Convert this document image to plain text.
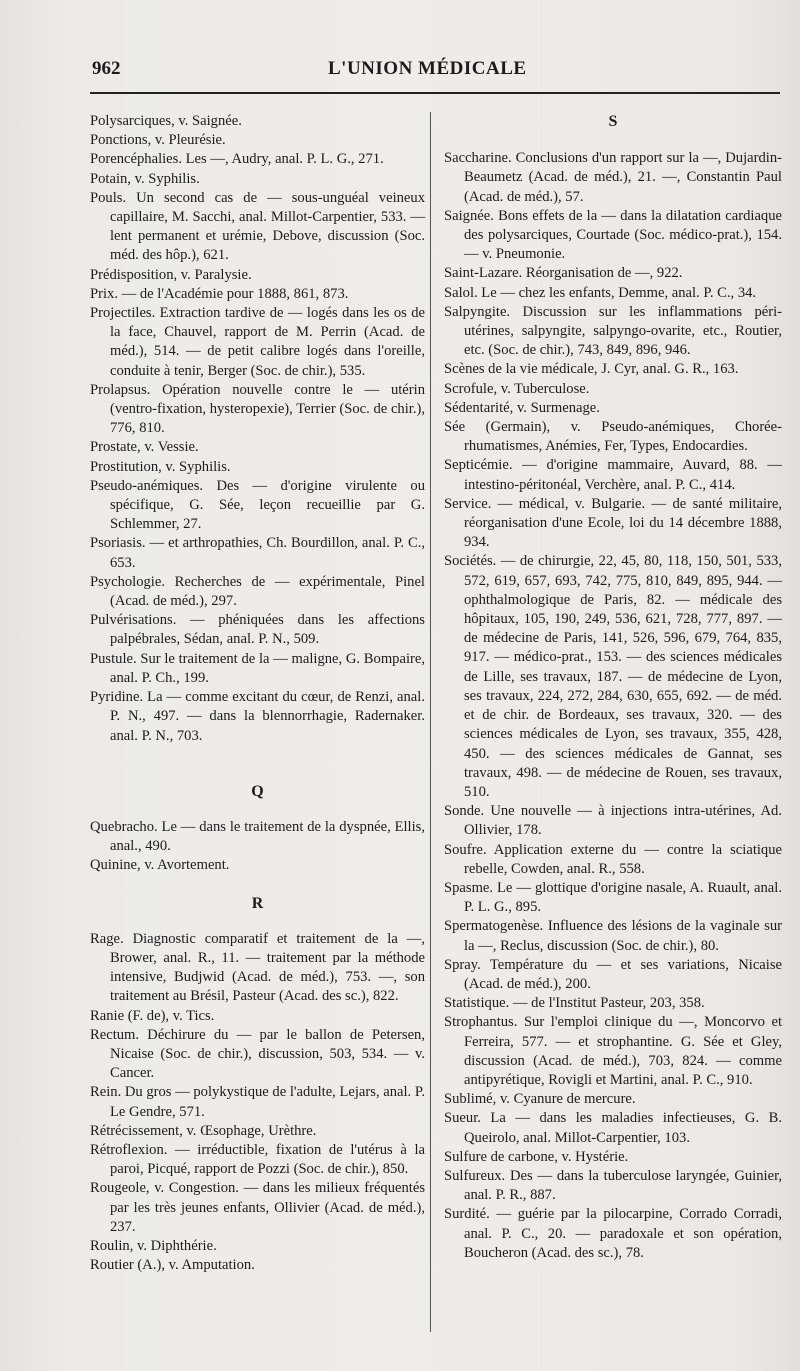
962	L'UNION MÉDICALE

Polysarciques, v. Saignée.

Ponctions, v. Pleurésie.

Porencéphalies. Les —, Audry, anal. P. L. G., 271.

Potain, v. Syphilis.

Pouls. Un second cas de — sous-unguéal veineux capillaire, M. Sacchi, anal. Millot-Carpentier, 533. — lent permanent et urémie, Debove, discussion (Soc. méd. des hôp.), 621.

Prédisposition, v. Paralysie.

Prix. — de l'Académie pour 1888, 861, 873.

Projectiles. Extraction tardive de — logés dans les os de la face, Chauvel, rapport de M. Perrin (Acad. de méd.), 514. — de petit calibre logés dans l'oreille, conduite à tenir, Berger (Soc. de chir.), 535.

Prolapsus. Opération nouvelle contre le — utérin (ventro-fixation, hysteropexie), Terrier (Soc. de chir.), 776, 810.

Prostate, v. Vessie.

Prostitution, v. Syphilis.

Pseudo-anémiques. Des — d'origine virulente ou spécifique, G. Sée, leçon recueillie par G. Schlemmer, 27.

Psoriasis. — et arthropathies, Ch. Bourdillon, anal. P. C., 653.

Psychologie. Recherches de — expérimentale, Pinel (Acad. de méd.), 297.

Pulvérisations. — phéniquées dans les affections palpébrales, Sédan, anal. P. N., 509.

Pustule. Sur le traitement de la — maligne, G. Bompaire, anal. P. Ch., 199.

Pyridine. La — comme excitant du cœur, de Renzi, anal. P. N., 497. — dans la blennorrhagie, Radernaker. anal. P. N., 703.

Q

Quebracho. Le — dans le traitement de la dyspnée, Ellis, anal., 490.

Quinine, v. Avortement.

R

Rage. Diagnostic comparatif et traitement de la —, Brower, anal. R., 11. — traitement par la méthode intensive, Budjwid (Acad. de méd.), 753. —, son traitement au Brésil, Pasteur (Acad. des sc.), 822.

Ranie (F. de), v. Tics.

Rectum. Déchirure du — par le ballon de Petersen, Nicaise (Soc. de chir.), discussion, 503, 534. — v. Cancer.

Rein. Du gros — polykystique de l'adulte, Lejars, anal. P. Le Gendre, 571.

Rétrécissement, v. Œsophage, Urèthre.

Rétroflexion. — irréductible, fixation de l'utérus à la paroi, Picqué, rapport de Pozzi (Soc. de chir.), 850.

Rougeole, v. Congestion. — dans les milieux fréquentés par les très jeunes enfants, Ollivier (Acad. de méd.), 237.

Roulin, v. Diphthérie.

Routier (A.), v. Amputation.

S

Saccharine. Conclusions d'un rapport sur la —, Dujardin-Beaumetz (Acad. de méd.), 21. —, Constantin Paul (Acad. de méd.), 57.

Saignée. Bons effets de la — dans la dilatation cardiaque des polysarciques, Courtade (Soc. médico-prat.), 154. — v. Pneumonie.

Saint-Lazare. Réorganisation de —, 922.

Salol. Le — chez les enfants, Demme, anal. P. C., 34.

Salpyngite. Discussion sur les inflammations péri-utérines, salpyngite, salpyngo-ovarite, etc., Routier, etc. (Soc. de chir.), 743, 849, 896, 946.

Scènes de la vie médicale, J. Cyr, anal. G. R., 163.

Scrofule, v. Tuberculose.

Sédentarité, v. Surmenage.

Sée (Germain), v. Pseudo-anémiques, Chorée-rhumatismes, Anémies, Fer, Types, Endocardies.

Septicémie. — d'origine mammaire, Auvard, 88. — intestino-péritonéal, Verchère, anal. P. C., 414.

Service. — médical, v. Bulgarie. — de santé militaire, réorganisation d'une Ecole, loi du 14 décembre 1888, 934.

Sociétés. — de chirurgie, 22, 45, 80, 118, 150, 501, 533, 572, 619, 657, 693, 742, 775, 810, 849, 895, 944. — ophthalmologique de Paris, 82. — médicale des hôpitaux, 105, 190, 249, 536, 621, 728, 777, 897. — de médecine de Paris, 141, 526, 596, 679, 764, 835, 917. — médico-prat., 153. — des sciences médicales de Lille, ses travaux, 187. — de médecine de Lyon, ses travaux, 224, 272, 284, 630, 655, 692. — de méd. et de chir. de Bordeaux, ses travaux, 320. — des sciences médicales de Lyon, ses travaux, 355, 428, 450. — des sciences médicales de Gannat, ses travaux, 498. — de médecine de Rouen, ses travaux, 510.

Sonde. Une nouvelle — à injections intra-utérines, Ad. Ollivier, 178.

Soufre. Application externe du — contre la sciatique rebelle, Cowden, anal. R., 558.

Spasme. Le — glottique d'origine nasale, A. Ruault, anal. P. L. G., 895.

Spermatogenèse. Influence des lésions de la vaginale sur la —, Reclus, discussion (Soc. de chir.), 80.

Spray. Température du — et ses variations, Nicaise (Acad. de méd.), 200.

Statistique. — de l'Institut Pasteur, 203, 358.

Strophantus. Sur l'emploi clinique du —, Moncorvo et Ferreira, 577. — et strophantine. G. Sée et Gley, discussion (Acad. de méd.), 703, 824. — comme antipyrétique, Rovigli et Martini, anal. P. C., 910.

Sublimé, v. Cyanure de mercure.

Sueur. La — dans les maladies infectieuses, G. B. Queirolo, anal. Millot-Carpentier, 103.

Sulfure de carbone, v. Hystérie.

Sulfureux. Des — dans la tuberculose laryngée, Guinier, anal. P. R., 887.

Surdité. — guérie par la pilocarpine, Corrado Corradi, anal. P. C., 20. — paradoxale et son opération, Boucheron (Acad. des sc.), 78.
